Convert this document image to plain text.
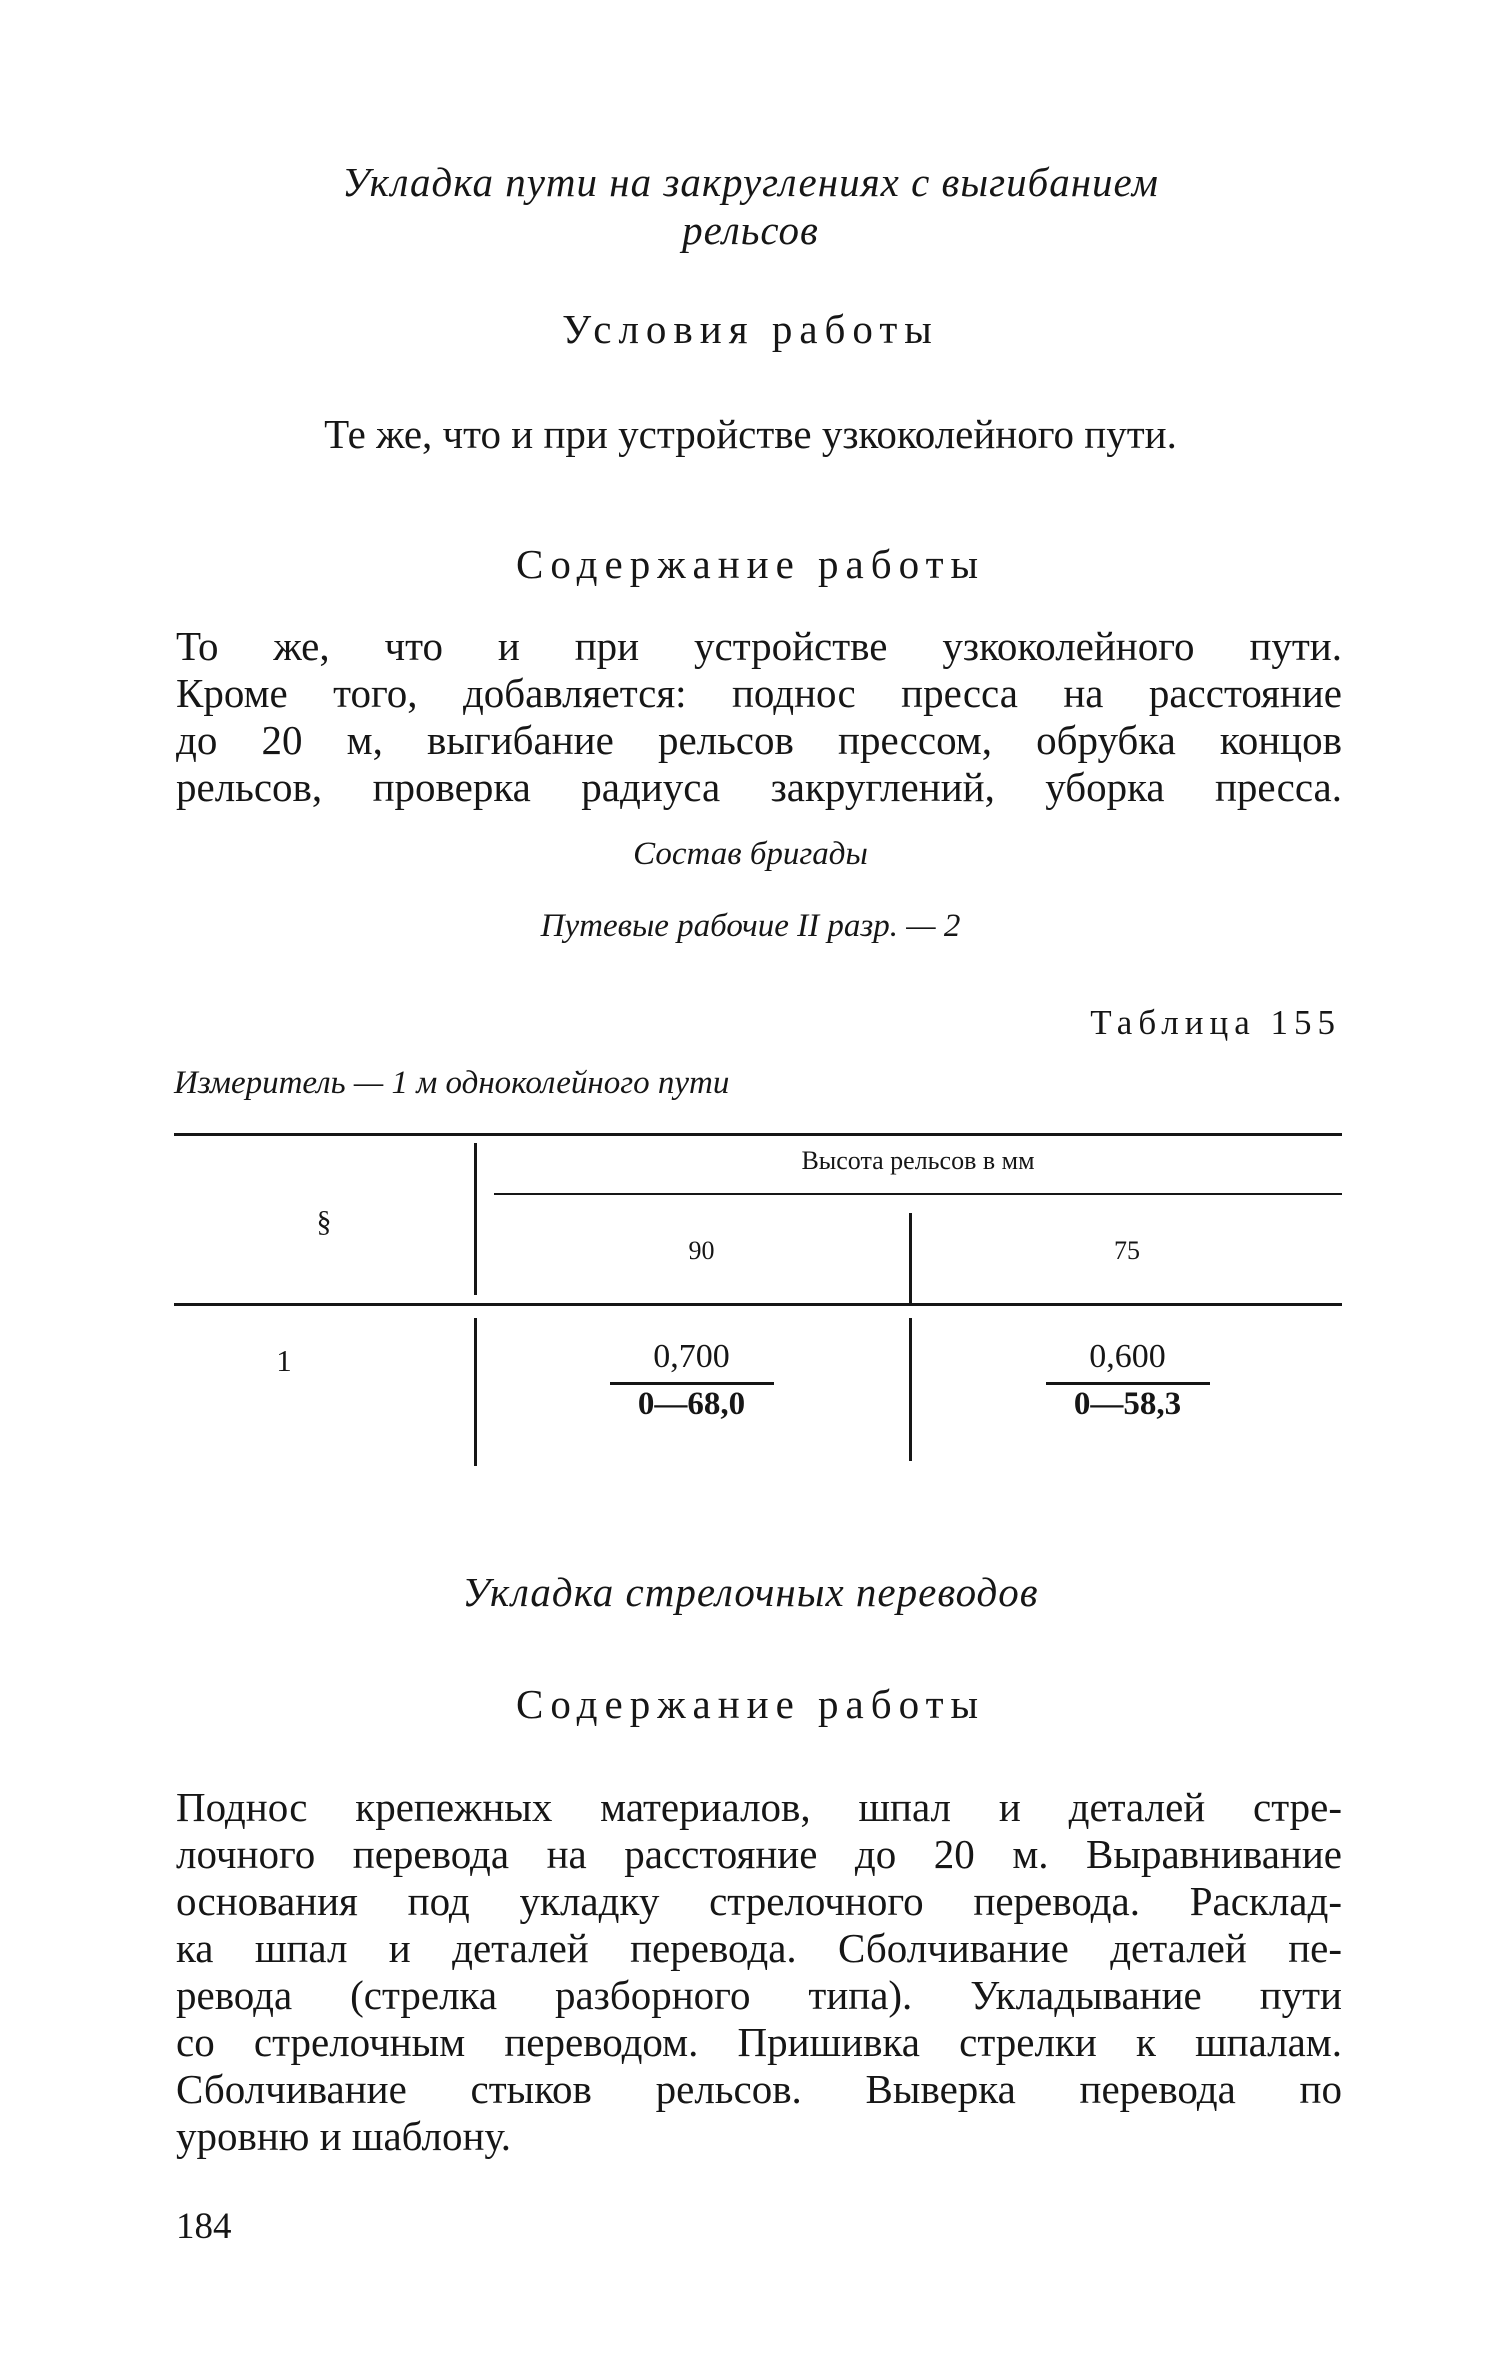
Укладка пути на закруглениях с выгибанием
рельсов
Условия работы
Те же, что и при устройстве узкоколейного пути.
Содержание работы
То же, что и при устройстве узкоколейного пути.
Кроме того, добавляется: поднос пресса на расстояние
до 20 м, выгибание рельсов прессом, обрубка концов
рельсов, проверка радиуса закруглений, уборка пресса.
Состав бригады
Путевые рабочие II разр. — 2
Таблица 155
Измеритель — 1 м одноколейного пути
§
Высота рельсов в мм
90	75
1	0,700
0—68,0
0,600
0—58,3
Укладка стрелочных переводов
Содержание работы
Поднос крепежных материалов, шпал и деталей стре-
лочного перевода на расстояние до 20 м. Выравнивание
основания под укладку стрелочного перевода. Расклад-
ка шпал и деталей перевода. Сболчивание деталей пе-
ревода (стрелка разборного типа). Укладывание пути
со стрелочным переводом. Пришивка стрелки к шпалам.
Сболчивание стыков рельсов. Выверка перевода по
уровню и шаблону.
184
